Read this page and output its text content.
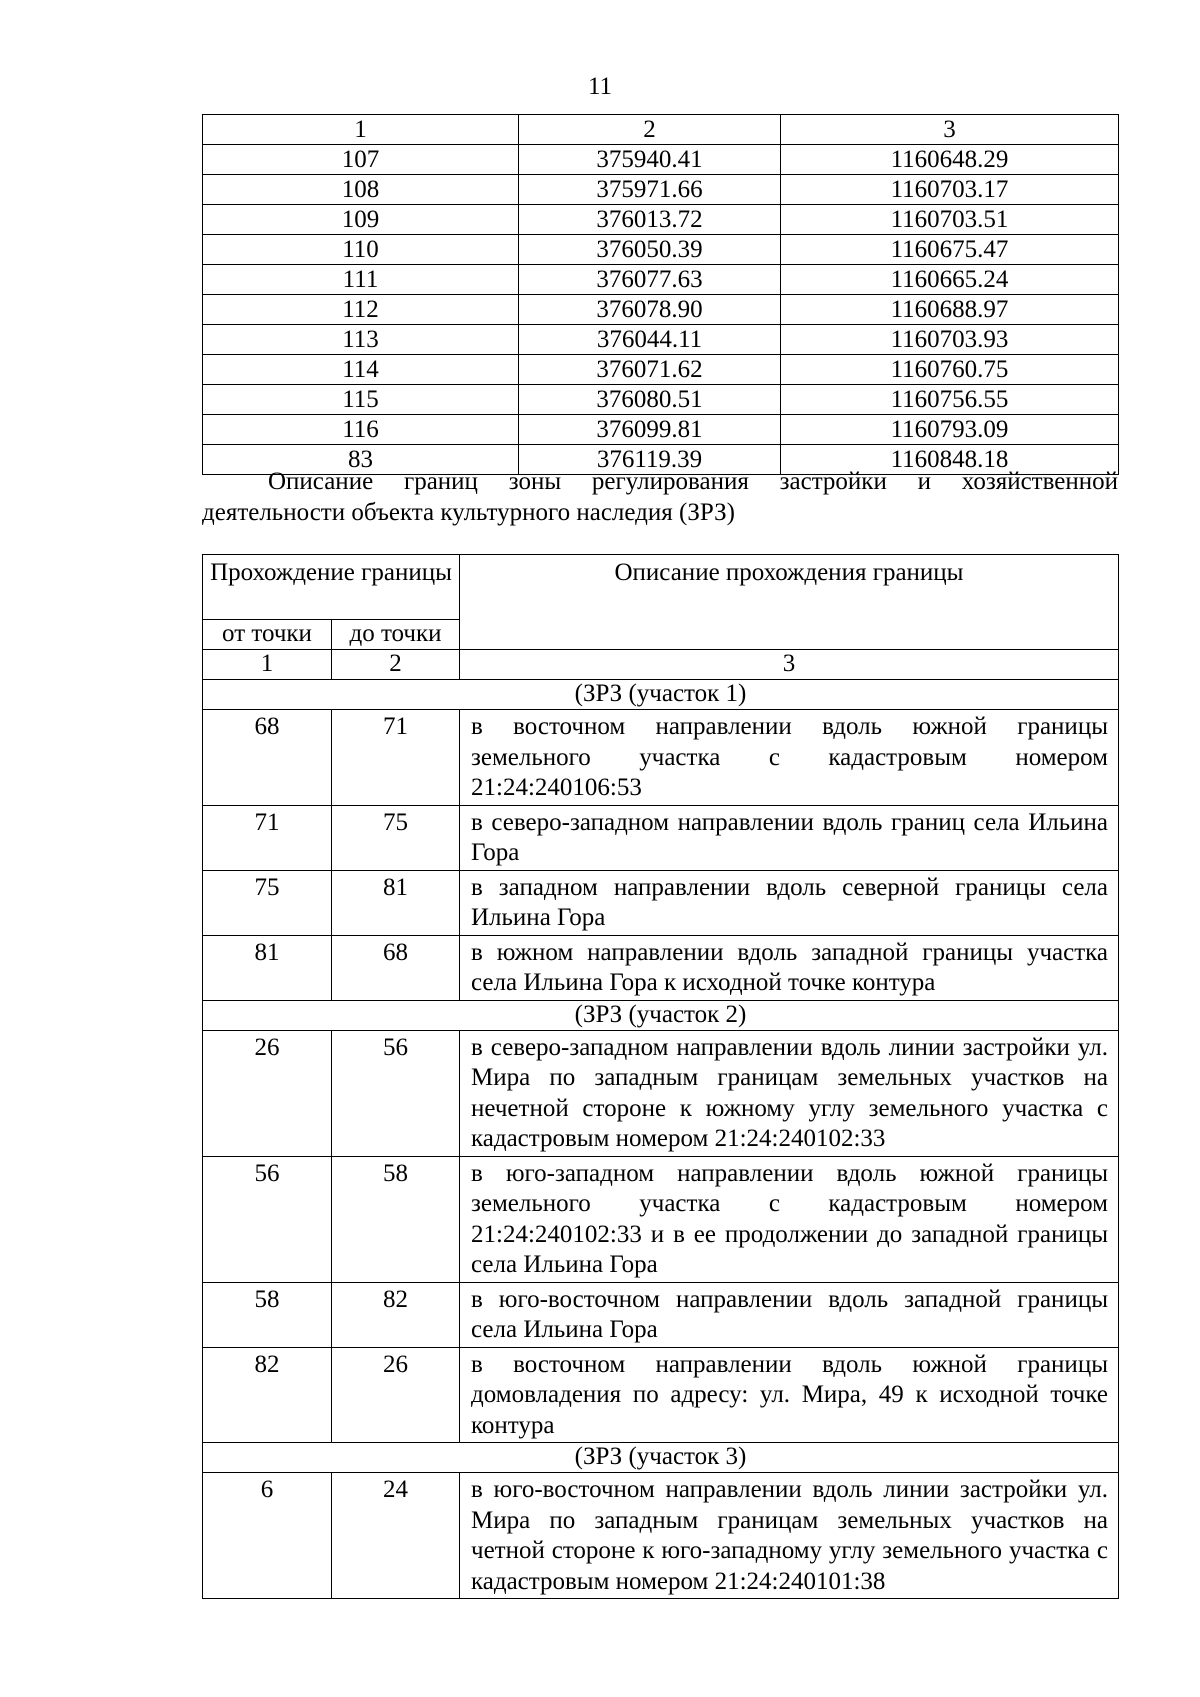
11
1	2	3
107	375940.41	1160648.29
108	375971.66	1160703.17
109	376013.72	1160703.51
110	376050.39	1160675.47
111	376077.63	1160665.24
112	376078.90	1160688.97
113	376044.11	1160703.93
114	376071.62	1160760.75
115	376080.51	1160756.55
116	376099.81	1160793.09
83	376119.39	1160848.18

Описание границ зоны регулирования застройки и хозяйственной деятельности объекта культурного наследия (ЗРЗ)

Прохождение границы		Описание прохождения границы
от точки	до точки	
1	2	3
(ЗРЗ (участок 1)		
68	71	в восточном направлении вдоль южной границы земельного участка с кадастровым номером 21:24:240106:53
71	75	в северо-западном направлении вдоль границ села Ильина Гора
75	81	в западном направлении вдоль северной границы села Ильина Гора
81	68	в южном направлении вдоль западной границы участка села Ильина Гора к исходной точке контура
(ЗРЗ (участок 2)		
26	56	в северо-западном направлении вдоль линии застройки ул. Мира по западным границам земельных участков на нечетной стороне к южному углу земельного участка с кадастровым номером 21:24:240102:33
56	58	в юго-западном направлении вдоль южной границы земельного участка с кадастровым номером 21:24:240102:33 и в ее продолжении до западной границы села Ильина Гора
58	82	в юго-восточном направлении вдоль западной границы села Ильина Гора
82	26	в восточном направлении вдоль южной границы домовладения по адресу: ул. Мира, 49 к исходной точке контура
(ЗРЗ (участок 3)		
6	24	в юго-восточном направлении вдоль линии застройки ул. Мира по западным границам земельных участков на четной стороне к юго-западному углу земельного участка с кадастровым номером 21:24:240101:38
